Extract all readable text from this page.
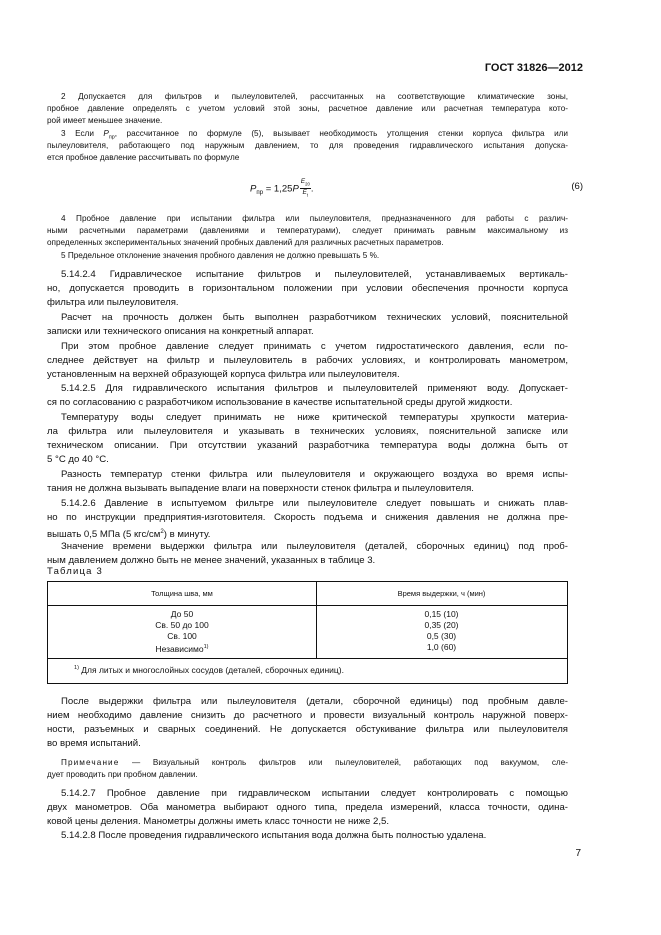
ГОСТ 31826—2012

2 Допускается для фильтров и пылеуловителей, рассчитанных на соответствующие климатические зоны,

пробное давление определять с учетом условий этой зоны, расчетное давление или расчетная температура кото-

рой имеет меньшее значение.

3 Если $P_{пр}$, рассчитанное по формуле (5), вызывает необходимость утолщения стенки корпуса фильтра или

пылеуловителя, работающего под наружным давлением, то для проведения гидравлического испытания допуска-

ется пробное давление рассчитывать по формуле

$P_{пр} = 1,25P \frac{E_{20}}{E_t}$ .	(6)

4 Пробное давление при испытании фильтра или пылеуловителя, предназначенного для работы с различ-

ными расчетными параметрами (давлениями и температурами), следует принимать равным максимальному из

определенных экспериментальных значений пробных давлений для различных расчетных параметров.

5 Предельное отклонение значения пробного давления не должно превышать 5 %.

5.14.2.4 Гидравлическое испытание фильтров и пылеуловителей, устанавливаемых вертикаль-

но, допускается проводить в горизонтальном положении при условии обеспечения прочности корпуса

фильтра или пылеуловителя.

Расчет на прочность должен быть выполнен разработчиком технических условий, пояснительной

записки или технического описания на конкретный аппарат.

При этом пробное давление следует принимать с учетом гидростатического давления, если по-

следнее действует на фильтр и пылеуловитель в рабочих условиях, и контролировать манометром,

установленным на верхней образующей корпуса фильтра или пылеуловителя.

5.14.2.5 Для гидравлического испытания фильтров и пылеуловителей применяют воду. Допускает-

ся по согласованию с разработчиком использование в качестве испытательной среды другой жидкости.

Температуру воды следует принимать не ниже критической температуры хрупкости материа-

ла фильтра или пылеуловителя и указывать в технических условиях, пояснительной записке или

техническом описании. При отсутствии указаний разработчика температура воды должна быть от

5 °С до 40 °С.

Разность температур стенки фильтра или пылеуловителя и окружающего воздуха во время испы-

тания не должна вызывать выпадение влаги на поверхности стенок фильтра и пылеуловителя.

5.14.2.6 Давление в испытуемом фильтре или пылеуловителе следует повышать и снижать плав-

но по инструкции предприятия-изготовителя. Скорость подъема и снижения давления не должна пре-

вышать 0,5 МПа (5 кгс/$см^2$) в минуту.

Значение времени выдержки фильтра или пылеуловителя (деталей, сборочных единиц) под проб-

ным давлением должно быть не менее значений, указанных в таблице 3.

Таблица 3
Толщина шва, мм	Время выдержки, ч (мин)
До 50
Св. 50 до 100
Св. 100
Независимо$^{1)}$
0,15 (10)
0,35 (20)
0,5 (30)
1,0 (60)
$^{1)}$ Для литых и многослойных сосудов (деталей, сборочных единиц).

После выдержки фильтра или пылеуловителя (детали, сборочной единицы) под пробным давле-

нием необходимо давление снизить до расчетного и провести визуальный контроль наружной поверх-

ности, разъемных и сварных соединений. Не допускается обстукивание фильтра или пылеуловителя

во время испытаний.

Примечание — Визуальный контроль фильтров или пылеуловителей, работающих под вакуумом, сле-

дует проводить при пробном давлении.

5.14.2.7 Пробное давление при гидравлическом испытании следует контролировать с помощью

двух манометров. Оба манометра выбирают одного типа, предела измерений, класса точности, одина-

ковой цены деления. Манометры должны иметь класс точности не ниже 2,5.

5.14.2.8 После проведения гидравлического испытания вода должна быть полностью удалена.

7
